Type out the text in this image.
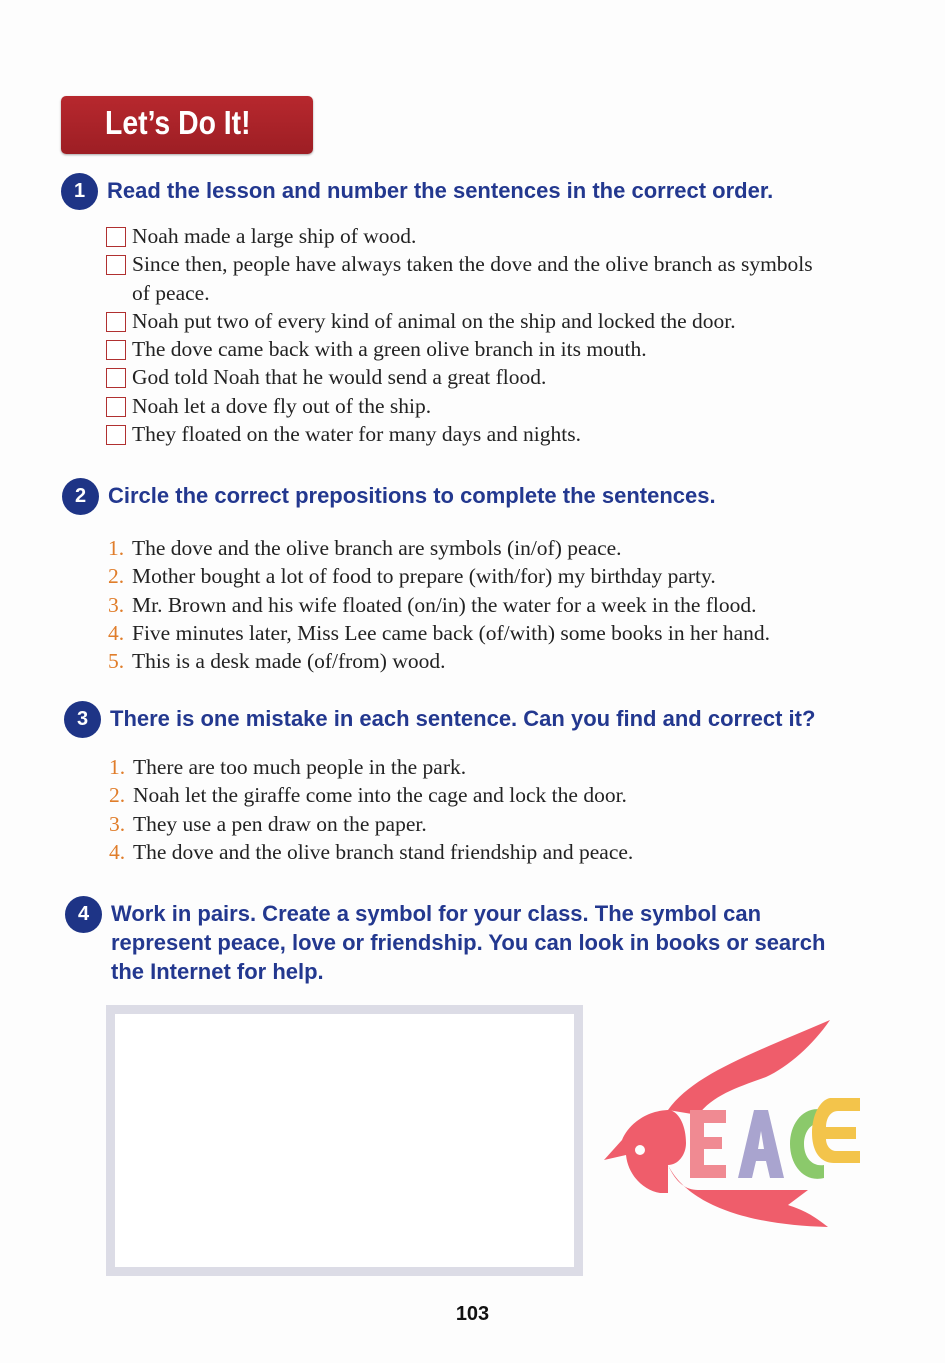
Let’s Do It!
1 Read the lesson and number the sentences in the correct order.
Noah made a large ship of wood.
Since then, people have always taken the dove and the olive branch as symbols of peace.
Noah put two of every kind of animal on the ship and locked the door.
The dove came back with a green olive branch in its mouth.
God told Noah that he would send a great flood.
Noah let a dove fly out of the ship.
They floated on the water for many days and nights.
2 Circle the correct prepositions to complete the sentences.
1. The dove and the olive branch are symbols (in/of) peace.
2. Mother bought a lot of food to prepare (with/for) my birthday party.
3. Mr. Brown and his wife floated (on/in) the water for a week in the flood.
4. Five minutes later, Miss Lee came back (of/with) some books in her hand.
5. This is a desk made (of/from) wood.
3 There is one mistake in each sentence. Can you find and correct it?
1. There are too much people in the park.
2. Noah let the giraffe come into the cage and lock the door.
3. They use a pen draw on the paper.
4. The dove and the olive branch stand friendship and peace.
4 Work in pairs. Create a symbol for your class. The symbol can
represent peace, love or friendship. You can look in books or search
the Internet for help.
103
